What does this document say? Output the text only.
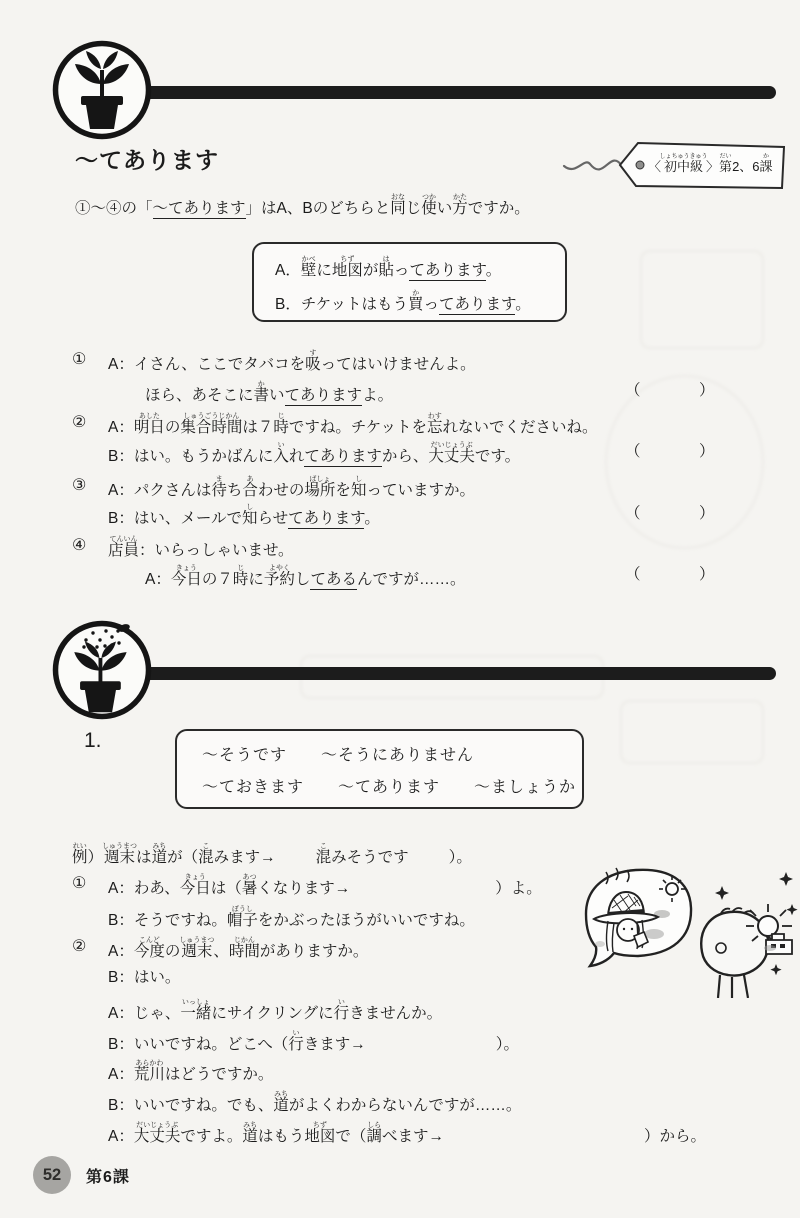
〜てあります	〈初中級しょちゅうきゅう〉第だい2、6課か
①〜④の「〜てあります」はA、Bのどちらと同おなじ使つかい方かたですか。
A．壁かべに地図ちずが貼はってあります。
B．チケットはもう買かってあります。
① A：イさん、ここでタバコを吸すってはいけませんよ。
ほら、あそこに書かいてありますよ。	（　　　）
② A：明日あしたの集合時間しゅうごうじかんは７時じですね。チケットを忘わすれないでくださいね。
B：はい。もうかばんに入いれてありますから、大丈夫だいじょうぶです。	（　　　）
③ A：パクさんは待まち合あわせの場所ばしょを知しっていますか。
B：はい、メールで知しらせてあります。	（　　　）
④ 店員てんいん：いらっしゃいませ。
A：今日きょうの７時じに予約よやくしてあるんですが……。	（　　　）
1.
〜そうです　　〜そうにありません
〜ておきます　　〜てあります　　〜ましょうか
例れい）週末しゅうまつは道みちが（混こみます→	混こみそうです	）。
① A：わあ、今日きょうは（暑あつくなります→	）よ。
B：そうですね。帽子ぼうしをかぶったほうがいいですね。
② A：今度こんどの週末しゅうまつ、時間じかんがありますか。
B：はい。
A：じゃ、一緒いっしょにサイクリングに行いきませんか。
B：いいですね。どこへ（行いきます→	）。
A：荒川あらかわはどうですか。
B：いいですね。でも、道みちがよくわからないんですが……。
A：大丈夫だいじょうぶですよ。道みちはもう地図ちずで（調しらべます→	）から。
52	第6課
